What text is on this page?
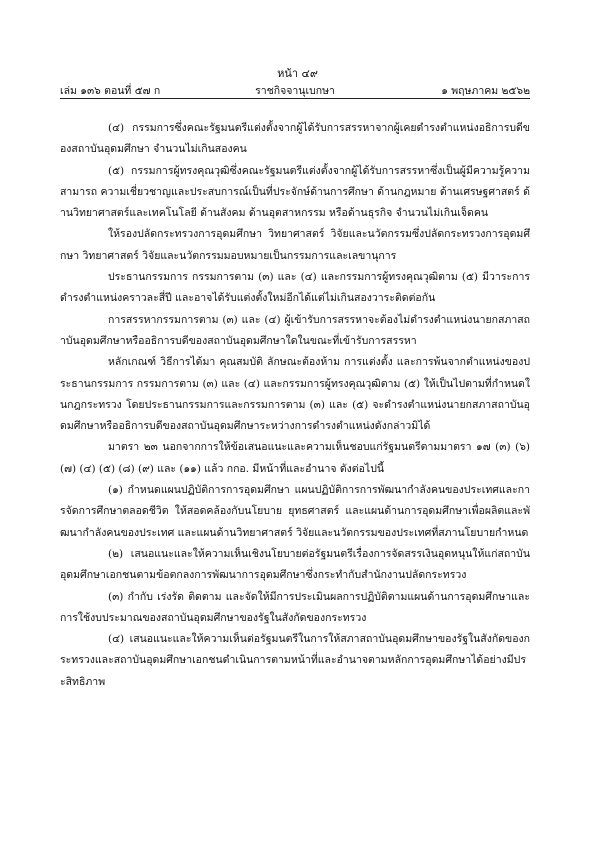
หน้า ๔๙
เล่ม ๑๓๖ ตอนที่ ๕๗ ก	ราชกิจจานุเบกษา	๑ พฤษภาคม ๒๕๖๒

(๔) กรรมการซึ่งคณะรัฐมนตรีแต่งตั้งจากผู้ได้รับการสรรหาจากผู้เคยดำรงตำแหน่งอธิการบดีของสถาบันอุดมศึกษา จำนวนไม่เกินสองคน

(๕) กรรมการผู้ทรงคุณวุฒิซึ่งคณะรัฐมนตรีแต่งตั้งจากผู้ได้รับการสรรหาซึ่งเป็นผู้มีความรู้ความสามารถ ความเชี่ยวชาญและประสบการณ์เป็นที่ประจักษ์ด้านการศึกษา ด้านกฎหมาย ด้านเศรษฐศาสตร์ ด้านวิทยาศาสตร์และเทคโนโลยี ด้านสังคม ด้านอุตสาหกรรม หรือด้านธุรกิจ จำนวนไม่เกินเจ็ดคน

ให้รองปลัดกระทรวงการอุดมศึกษา วิทยาศาสตร์ วิจัยและนวัตกรรมซึ่งปลัดกระทรวงการอุดมศึกษา วิทยาศาสตร์ วิจัยและนวัตกรรมมอบหมายเป็นกรรมการและเลขานุการ

ประธานกรรมการ กรรมการตาม (๓) และ (๔) และกรรมการผู้ทรงคุณวุฒิตาม (๕) มีวาระการดำรงตำแหน่งคราวละสี่ปี และอาจได้รับแต่งตั้งใหม่อีกได้แต่ไม่เกินสองวาระติดต่อกัน

การสรรหากรรมการตาม (๓) และ (๔) ผู้เข้ารับการสรรหาจะต้องไม่ดำรงตำแหน่งนายกสภาสถาบันอุดมศึกษาหรืออธิการบดีของสถาบันอุดมศึกษาใดในขณะที่เข้ารับการสรรหา

หลักเกณฑ์ วิธีการได้มา คุณสมบัติ ลักษณะต้องห้าม การแต่งตั้ง และการพ้นจากตำแหน่งของประธานกรรมการ กรรมการตาม (๓) และ (๔) และกรรมการผู้ทรงคุณวุฒิตาม (๕) ให้เป็นไปตามที่กำหนดในกฎกระทรวง โดยประธานกรรมการและกรรมการตาม (๓) และ (๕) จะดำรงตำแหน่งนายกสภาสถาบันอุดมศึกษาหรืออธิการบดีของสถาบันอุดมศึกษาระหว่างการดำรงตำแหน่งดังกล่าวมิได้

มาตรา ๒๓ นอกจากการให้ข้อเสนอแนะและความเห็นชอบแก่รัฐมนตรีตามมาตรา ๑๗ (๓) (๖) (๗) (๔) (๕) (๘) (๙) และ (๑๑) แล้ว กกอ. มีหน้าที่และอำนาจ ดังต่อไปนี้

(๑) กำหนดแผนปฏิบัติการการอุดมศึกษา แผนปฏิบัติการการพัฒนากำลังคนของประเทศและการจัดการศึกษาตลอดชีวิต ให้สอดคล้องกับนโยบาย ยุทธศาสตร์ และแผนด้านการอุดมศึกษาเพื่อผลิตและพัฒนากำลังคนของประเทศ และแผนด้านวิทยาศาสตร์ วิจัยและนวัตกรรมของประเทศที่สภานโยบายกำหนด

(๒) เสนอแนะและให้ความเห็นเชิงนโยบายต่อรัฐมนตรีเรื่องการจัดสรรเงินอุดหนุนให้แก่สถาบันอุดมศึกษาเอกชนตามข้อตกลงการพัฒนาการอุดมศึกษาซึ่งกระทำกับสำนักงานปลัดกระทรวง

(๓) กำกับ เร่งรัด ติดตาม และจัดให้มีการประเมินผลการปฏิบัติตามแผนด้านการอุดมศึกษาและการใช้งบประมาณของสถาบันอุดมศึกษาของรัฐในสังกัดของกระทรวง

(๔) เสนอแนะและให้ความเห็นต่อรัฐมนตรีในการให้สภาสถาบันอุดมศึกษาของรัฐในสังกัดของกระทรวงและสถาบันอุดมศึกษาเอกชนดำเนินการตามหน้าที่และอำนาจตามหลักการอุดมศึกษาได้อย่างมีประสิทธิภาพ
